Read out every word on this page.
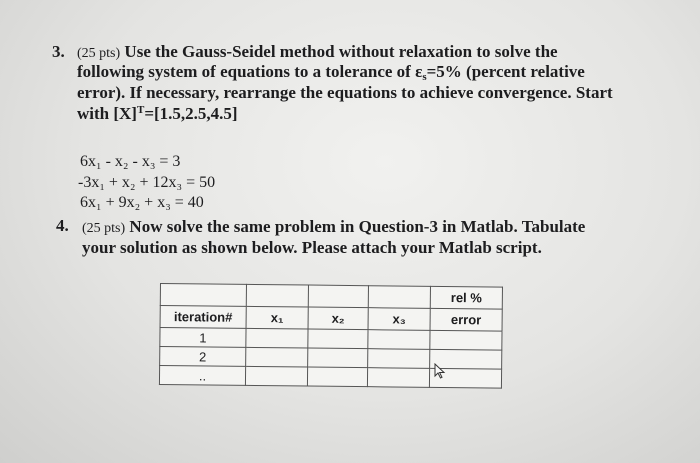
3. (25 pts) Use the Gauss-Seidel method without relaxation to solve the
following system of equations to a tolerance of $\varepsilon_s=5\%$ (percent relative
error). If necessary, rearrange the equations to achieve convergence. Start
with $[X]^T=[1.5,2.5,4.5]$
6x₁ - x₂ - x₃ = 3
-3x₁ + x₂ + 12x₃ = 50
6x₁ + 9x₂ + x₃ = 40
4. (25 pts) Now solve the same problem in Question-3 in Matlab. Tabulate
your solution as shown below. Please attach your Matlab script.
				rel %
iteration#	x₁	x₂	x₃	error
1				
2				
..				
